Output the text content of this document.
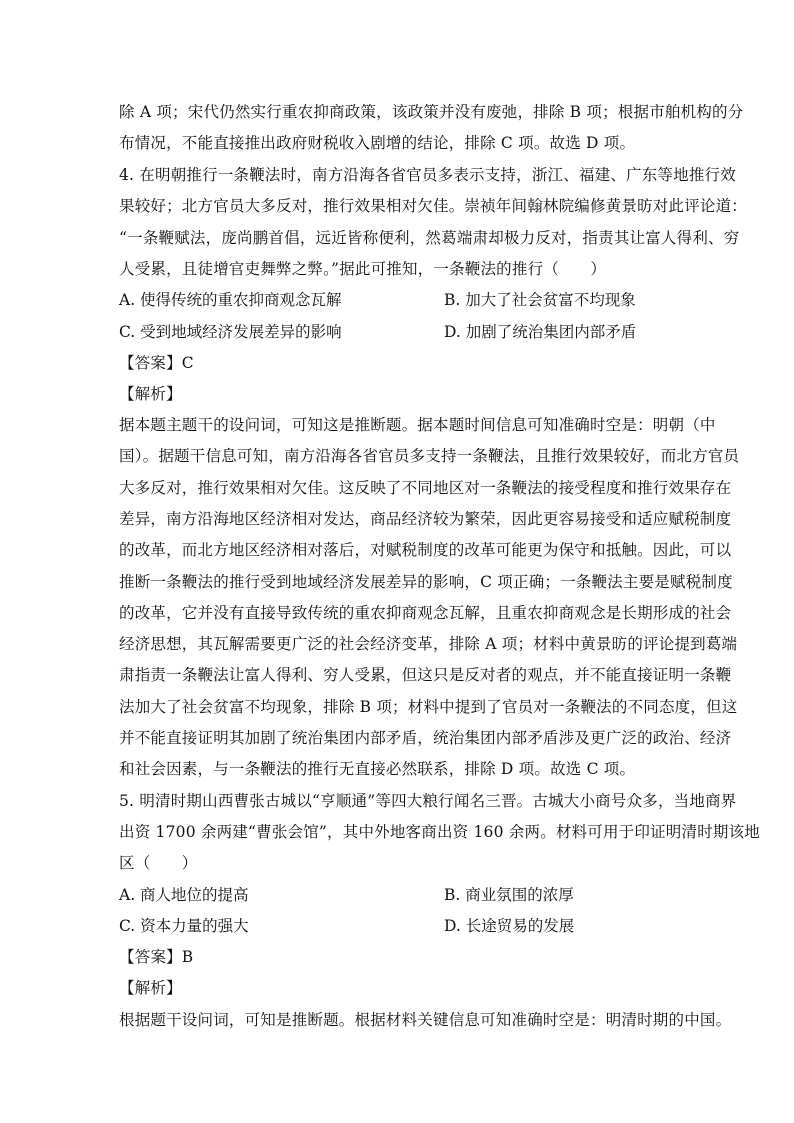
除 A 项；宋代仍然实行重农抑商政策，该政策并没有废弛，排除 B 项；根据市舶机构的分
布情况，不能直接推出政府财税收入剧增的结论，排除 C 项。故选 D 项。
4. 在明朝推行一条鞭法时，南方沿海各省官员多表示支持，浙江、福建、广东等地推行效
果较好；北方官员大多反对，推行效果相对欠佳。崇祯年间翰林院编修黄景昉对此评论道：
“一条鞭赋法，庞尚鹏首倡，远近皆称便利，然葛端肃却极力反对，指责其让富人得利、穷
人受累，且徒增官吏舞弊之弊。”据此可推知，一条鞭法的推行（　　）
A. 使得传统的重农抑商观念瓦解	B. 加大了社会贫富不均现象
C. 受到地域经济发展差异的影响	D. 加剧了统治集团内部矛盾
【答案】C
【解析】
据本题主题干的设问词，可知这是推断题。据本题时间信息可知准确时空是：明朝（中
国）。据题干信息可知，南方沿海各省官员多支持一条鞭法，且推行效果较好，而北方官员
大多反对，推行效果相对欠佳。这反映了不同地区对一条鞭法的接受程度和推行效果存在
差异，南方沿海地区经济相对发达，商品经济较为繁荣，因此更容易接受和适应赋税制度
的改革，而北方地区经济相对落后，对赋税制度的改革可能更为保守和抵触。因此，可以
推断一条鞭法的推行受到地域经济发展差异的影响，C 项正确；一条鞭法主要是赋税制度
的改革，它并没有直接导致传统的重农抑商观念瓦解，且重农抑商观念是长期形成的社会
经济思想，其瓦解需要更广泛的社会经济变革，排除 A 项；材料中黄景昉的评论提到葛端
肃指责一条鞭法让富人得利、穷人受累，但这只是反对者的观点，并不能直接证明一条鞭
法加大了社会贫富不均现象，排除 B 项；材料中提到了官员对一条鞭法的不同态度，但这
并不能直接证明其加剧了统治集团内部矛盾，统治集团内部矛盾涉及更广泛的政治、经济
和社会因素，与一条鞭法的推行无直接必然联系，排除 D 项。故选 C 项。
5. 明清时期山西曹张古城以“亨顺通”等四大粮行闻名三晋。古城大小商号众多，当地商界
出资 1700 余两建“曹张会馆”，其中外地客商出资 160 余两。材料可用于印证明清时期该地
区（　　）
A. 商人地位的提高	B. 商业氛围的浓厚
C. 资本力量的强大	D. 长途贸易的发展
【答案】B
【解析】
根据题干设问词，可知是推断题。根据材料关键信息可知准确时空是：明清时期的中国。
